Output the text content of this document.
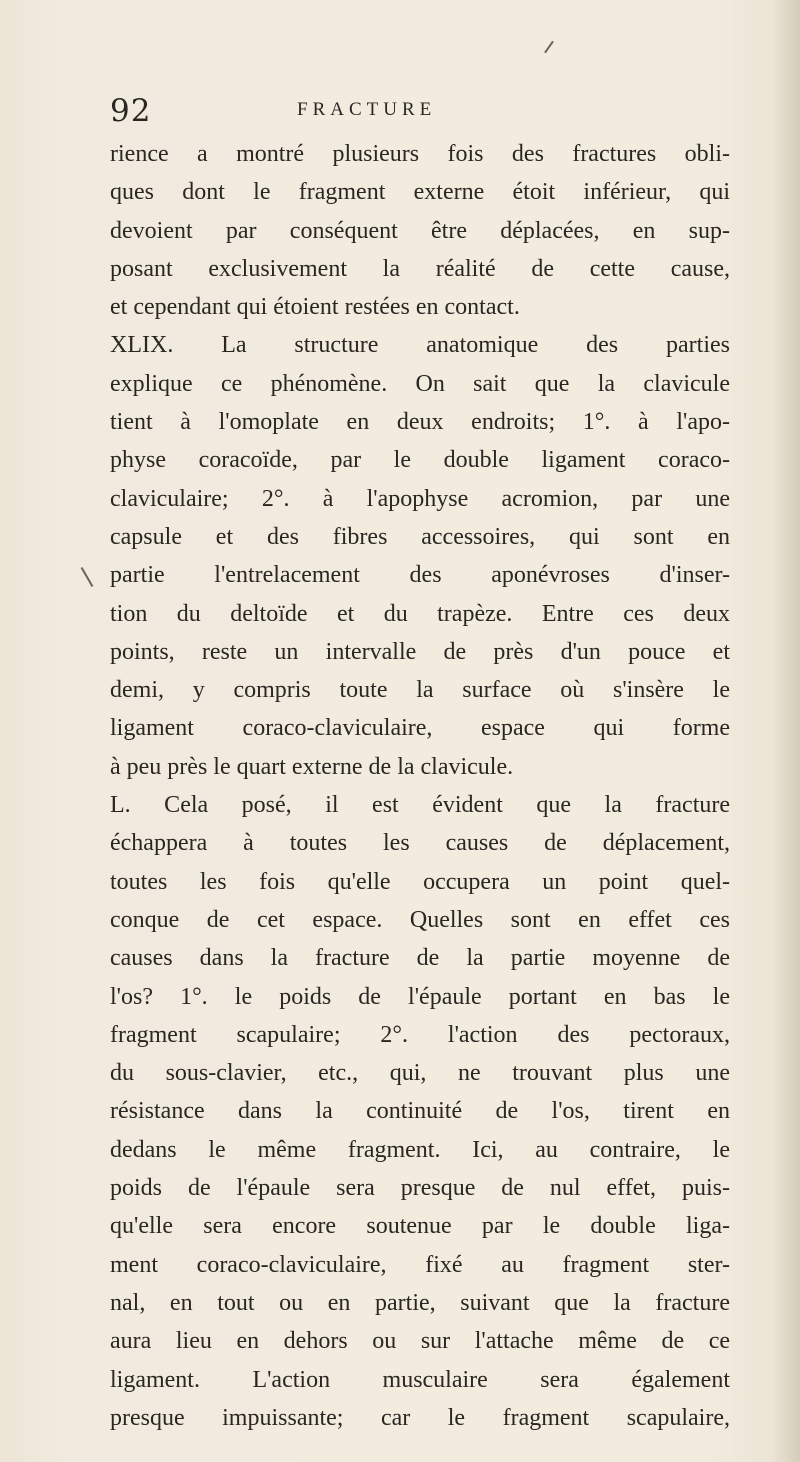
92	FRACTURE
rience a montré plusieurs fois des fractures obli-
ques dont le fragment externe étoit inférieur, qui
devoient par conséquent être déplacées, en sup-
posant exclusivement la réalité de cette cause,
et cependant qui étoient restées en contact.
XLIX. La structure anatomique des parties
explique ce phénomène. On sait que la clavicule
tient à l'omoplate en deux endroits; 1°. à l'apo-
physe coracoïde, par le double ligament coraco-
claviculaire; 2°. à l'apophyse acromion, par une
capsule et des fibres accessoires, qui sont en
partie l'entrelacement des aponévroses d'inser-
tion du deltoïde et du trapèze. Entre ces deux
points, reste un intervalle de près d'un pouce et
demi, y compris toute la surface où s'insère le
ligament coraco-claviculaire, espace qui forme
à peu près le quart externe de la clavicule.
L. Cela posé, il est évident que la fracture
échappera à toutes les causes de déplacement,
toutes les fois qu'elle occupera un point quel-
conque de cet espace. Quelles sont en effet ces
causes dans la fracture de la partie moyenne de
l'os? 1°. le poids de l'épaule portant en bas le
fragment scapulaire; 2°. l'action des pectoraux,
du sous-clavier, etc., qui, ne trouvant plus une
résistance dans la continuité de l'os, tirent en
dedans le même fragment. Ici, au contraire, le
poids de l'épaule sera presque de nul effet, puis-
qu'elle sera encore soutenue par le double liga-
ment coraco-claviculaire, fixé au fragment ster-
nal, en tout ou en partie, suivant que la fracture
aura lieu en dehors ou sur l'attache même de ce
ligament. L'action musculaire sera également
presque impuissante; car le fragment scapulaire,
